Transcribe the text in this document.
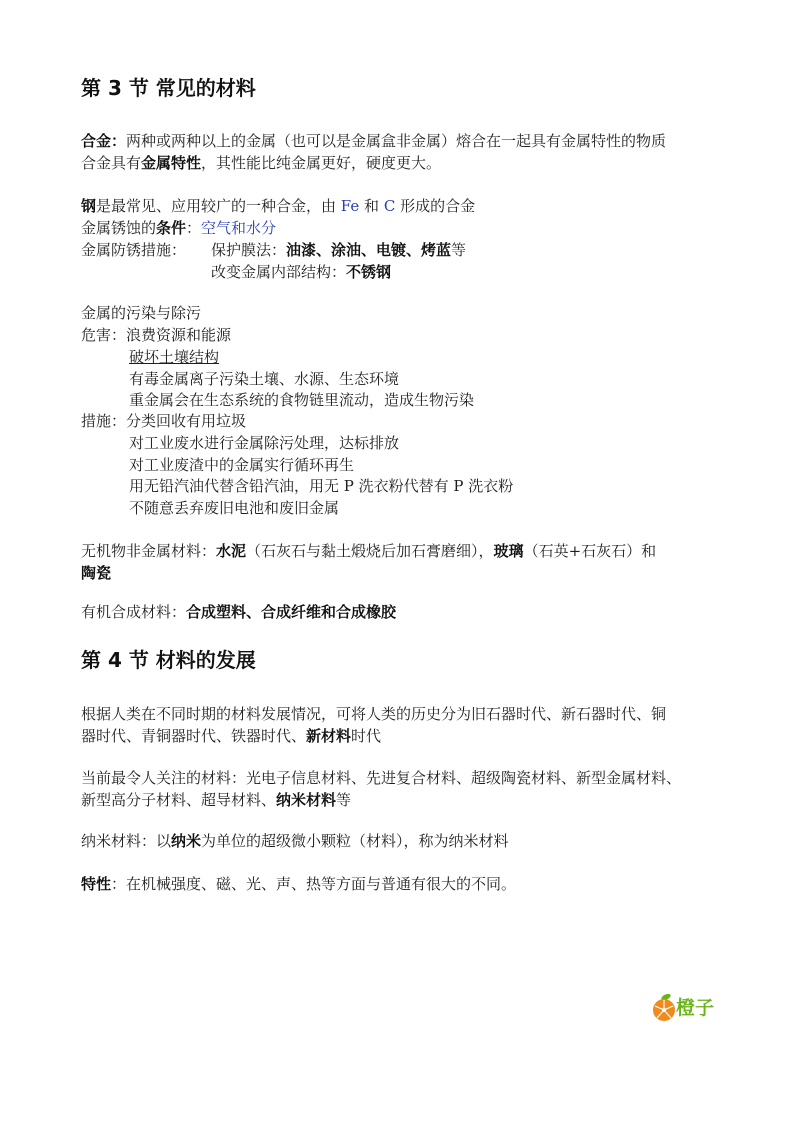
第 3 节 常见的材料
合金：两种或两种以上的金属（也可以是金属盒非金属）熔合在一起具有金属特性的物质
合金具有金属特性，其性能比纯金属更好，硬度更大。
钢是最常见、应用较广的一种合金，由 Fe 和 C 形成的合金
金属锈蚀的条件：空气和水分
金属防锈措施： 保护膜法：油漆、涂油、电镀、烤蓝等
改变金属内部结构：不锈钢
金属的污染与除污
危害：浪费资源和能源
破坏土壤结构
有毒金属离子污染土壤、水源、生态环境
重金属会在生态系统的食物链里流动，造成生物污染
措施：分类回收有用垃圾
对工业废水进行金属除污处理，达标排放
对工业废渣中的金属实行循环再生
用无铅汽油代替含铅汽油，用无 P 洗衣粉代替有 P 洗衣粉
不随意丢弃废旧电池和废旧金属
无机物非金属材料：水泥（石灰石与黏土煅烧后加石膏磨细），玻璃（石英+石灰石）和
陶瓷
有机合成材料：合成塑料、合成纤维和合成橡胶
第 4 节 材料的发展
根据人类在不同时期的材料发展情况，可将人类的历史分为旧石器时代、新石器时代、铜
器时代、青铜器时代、铁器时代、新材料时代
当前最令人关注的材料：光电子信息材料、先进复合材料、超级陶瓷材料、新型金属材料、
新型高分子材料、超导材料、纳米材料等
纳米材料：以纳米为单位的超级微小颗粒（材料），称为纳米材料
特性：在机械强度、磁、光、声、热等方面与普通有很大的不同。
橙子
